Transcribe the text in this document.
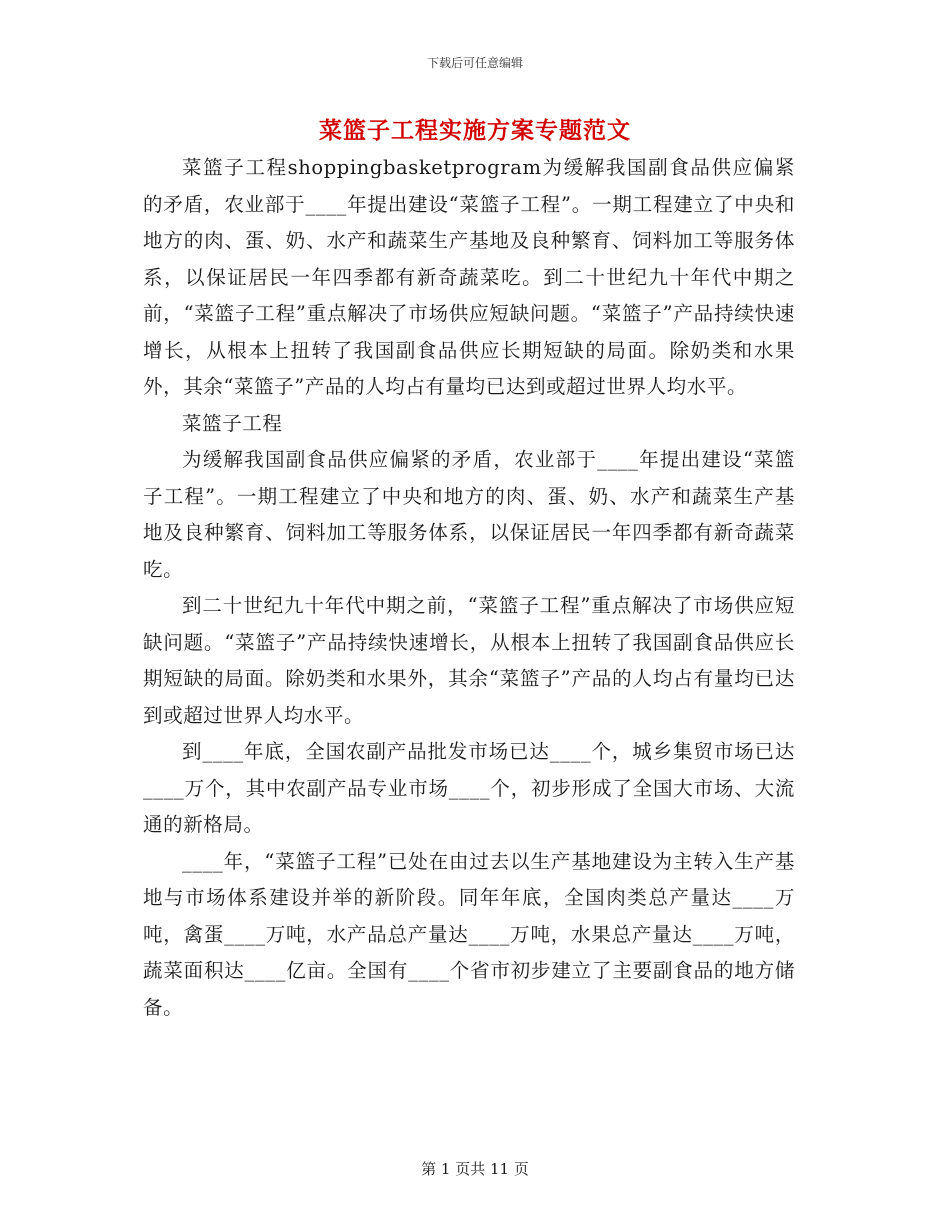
下载后可任意编辑
菜篮子工程实施方案专题范文

菜篮子工程shoppingbasketprogram为缓解我国副食品供应偏紧的矛盾，农业部于____年提出建设“菜篮子工程”。一期工程建立了中央和地方的肉、蛋、奶、水产和蔬菜生产基地及良种繁育、饲料加工等服务体系，以保证居民一年四季都有新奇蔬菜吃。到二十世纪九十年代中期之前，“菜篮子工程”重点解决了市场供应短缺问题。“菜篮子”产品持续快速增长，从根本上扭转了我国副食品供应长期短缺的局面。除奶类和水果外，其余“菜篮子”产品的人均占有量均已达到或超过世界人均水平。

菜篮子工程

为缓解我国副食品供应偏紧的矛盾，农业部于____年提出建设“菜篮子工程”。一期工程建立了中央和地方的肉、蛋、奶、水产和蔬菜生产基地及良种繁育、饲料加工等服务体系，以保证居民一年四季都有新奇蔬菜吃。

到二十世纪九十年代中期之前，“菜篮子工程”重点解决了市场供应短缺问题。“菜篮子”产品持续快速增长，从根本上扭转了我国副食品供应长期短缺的局面。除奶类和水果外，其余“菜篮子”产品的人均占有量均已达到或超过世界人均水平。

到____年底，全国农副产品批发市场已达____个，城乡集贸市场已达____万个，其中农副产品专业市场____个，初步形成了全国大市场、大流通的新格局。

____年，“菜篮子工程”已处在由过去以生产基地建设为主转入生产基地与市场体系建设并举的新阶段。同年年底，全国肉类总产量达____万吨，禽蛋____万吨，水产品总产量达____万吨，水果总产量达____万吨，蔬菜面积达____亿亩。全国有____个省市初步建立了主要副食品的地方储备。

第 1 页共 11 页
